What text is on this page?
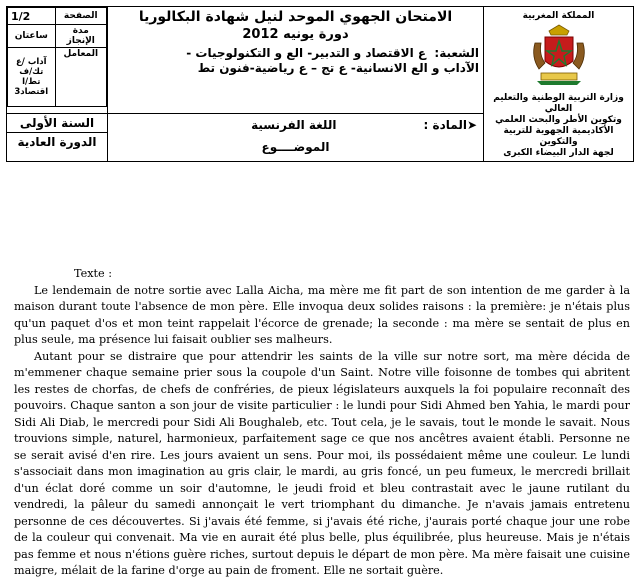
1/2	الصفحة
ساعتان	مدة الإنجاز
آداب /ع تك/ف تط/ا اقتصاد3	المعامل

الامتحان الجهوي الموحد لنيل شهادة البكالوريا
دورة يونيه 2012
الشعبة:  ع الاقتصاد و التدبير- الع و التكنولوجيات -
الآداب و الع الانسانية- ع تج – ع رياضية-فنون تط

المملكة المغربية
وزارة التربية الوطنية والتعليم العالي
وتكوين الأطر والبحث العلمي
الأكاديمية الجهوية للتربية والتكوين
لجهة الدار البيضاء الكبرى

السنة الأولى
الدورة العادية

➤المادة :
اللغة الفرنسية
الموضــــوع
Texte :

Le lendemain de notre sortie avec Lalla Aicha, ma mère me fit part de son intention de me garder à la maison durant toute l'absence de mon père. Elle invoqua deux solides raisons : la première: je n'étais plus qu'un paquet d'os et mon teint rappelait l'écorce de grenade; la seconde : ma mère se sentait de plus en plus seule, ma présence lui faisait oublier ses malheurs.

Autant pour se distraire que pour attendrir les saints de la ville sur notre sort, ma mère décida de m'emmener chaque semaine prier sous la coupole d'un Saint. Notre ville foisonne de tombes qui abritent les restes de chorfas, de chefs de confréries, de pieux législateurs auxquels la foi populaire reconnaît des pouvoirs. Chaque santon a son jour de visite particulier : le lundi pour Sidi Ahmed ben Yahia, le mardi pour Sidi Ali Diab, le mercredi pour Sidi Ali Boughaleb, etc. Tout cela, je le savais, tout le monde le savait. Nous trouvions simple, naturel, harmonieux, parfaitement sage ce que nos ancêtres avaient établi. Personne ne se serait avisé d'en rire. Les jours avaient un sens. Pour moi, ils possédaient même une couleur. Le lundi s'associait dans mon imagination au gris clair, le mardi, au gris foncé, un peu fumeux, le mercredi brillait d'un éclat doré comme un soir d'automne, le jeudi froid et bleu contrastait avec le jaune rutilant du vendredi, la pâleur du samedi annonçait le vert triomphant du dimanche. Je n'avais jamais entretenu personne de ces découvertes. Si j'avais été femme, si j'avais été riche, j'aurais porté chaque jour une robe de la couleur qui convenait. Ma vie en aurait été plus belle, plus équilibrée, plus heureuse. Mais je n'étais pas femme et nous n'étions guère riches, surtout depuis le départ de mon père. Ma mère faisait une cuisine maigre, mélait de la farine d'orge au pain de froment. Elle ne sortait guère.
